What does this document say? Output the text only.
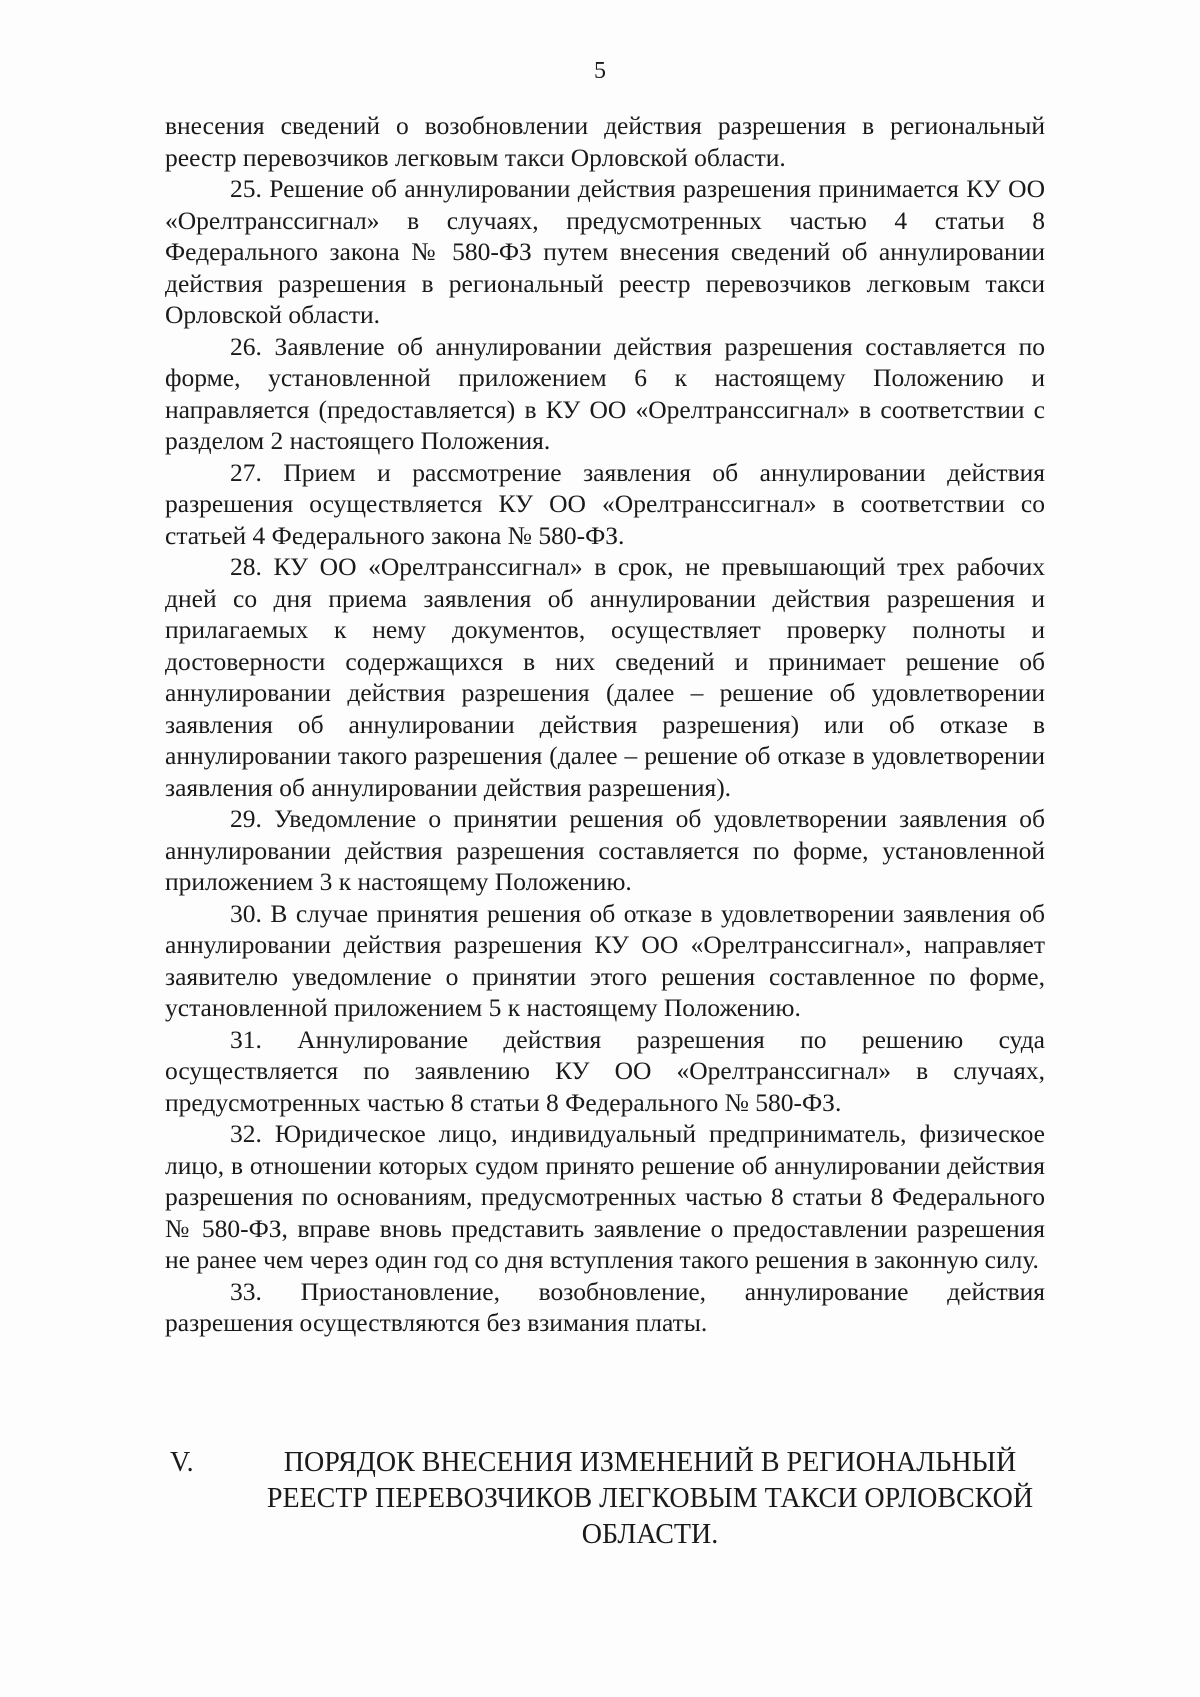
5

внесения сведений о возобновлении действия разрешения в региональный реестр перевозчиков легковым такси Орловской области.

25. Решение об аннулировании действия разрешения принимается КУ ОО «Орелтранссигнал» в случаях, предусмотренных частью 4 статьи 8 Федерального закона № 580-ФЗ путем внесения сведений об аннулировании действия разрешения в региональный реестр перевозчиков легковым такси Орловской области.

26. Заявление об аннулировании действия разрешения составляется по форме, установленной приложением 6 к настоящему Положению и направляется (предоставляется) в КУ ОО «Орелтранссигнал» в соответствии с разделом 2 настоящего Положения.

27. Прием и рассмотрение заявления об аннулировании действия разрешения осуществляется КУ ОО «Орелтранссигнал» в соответствии со статьей 4 Федерального закона № 580-ФЗ.

28. КУ ОО «Орелтранссигнал» в срок, не превышающий трех рабочих дней со дня приема заявления об аннулировании действия разрешения и прилагаемых к нему документов, осуществляет проверку полноты и достоверности содержащихся в них сведений и принимает решение об аннулировании действия разрешения (далее – решение об удовлетворении заявления об аннулировании действия разрешения) или об отказе в аннулировании такого разрешения (далее – решение об отказе в удовлетворении заявления об аннулировании действия разрешения).

29. Уведомление о принятии решения об удовлетворении заявления об аннулировании действия разрешения составляется по форме, установленной приложением 3 к настоящему Положению.

30. В случае принятия решения об отказе в удовлетворении заявления об аннулировании действия разрешения КУ ОО «Орелтранссигнал», направляет заявителю уведомление о принятии этого решения составленное по форме, установленной приложением 5 к настоящему Положению.

31. Аннулирование действия разрешения по решению суда осуществляется по заявлению КУ ОО «Орелтранссигнал» в случаях, предусмотренных частью 8 статьи 8 Федерального № 580-ФЗ.

32. Юридическое лицо, индивидуальный предприниматель, физическое лицо, в отношении которых судом принято решение об аннулировании действия разрешения по основаниям, предусмотренных частью 8 статьи 8 Федерального № 580-ФЗ, вправе вновь представить заявление о предоставлении разрешения не ранее чем через один год со дня вступления такого решения в законную силу.

33. Приостановление, возобновление, аннулирование действия разрешения осуществляются без взимания платы.

V.	ПОРЯДОК ВНЕСЕНИЯ ИЗМЕНЕНИЙ В РЕГИОНАЛЬНЫЙ РЕЕСТР ПЕРЕВОЗЧИКОВ ЛЕГКОВЫМ ТАКСИ ОРЛОВСКОЙ ОБЛАСТИ.
